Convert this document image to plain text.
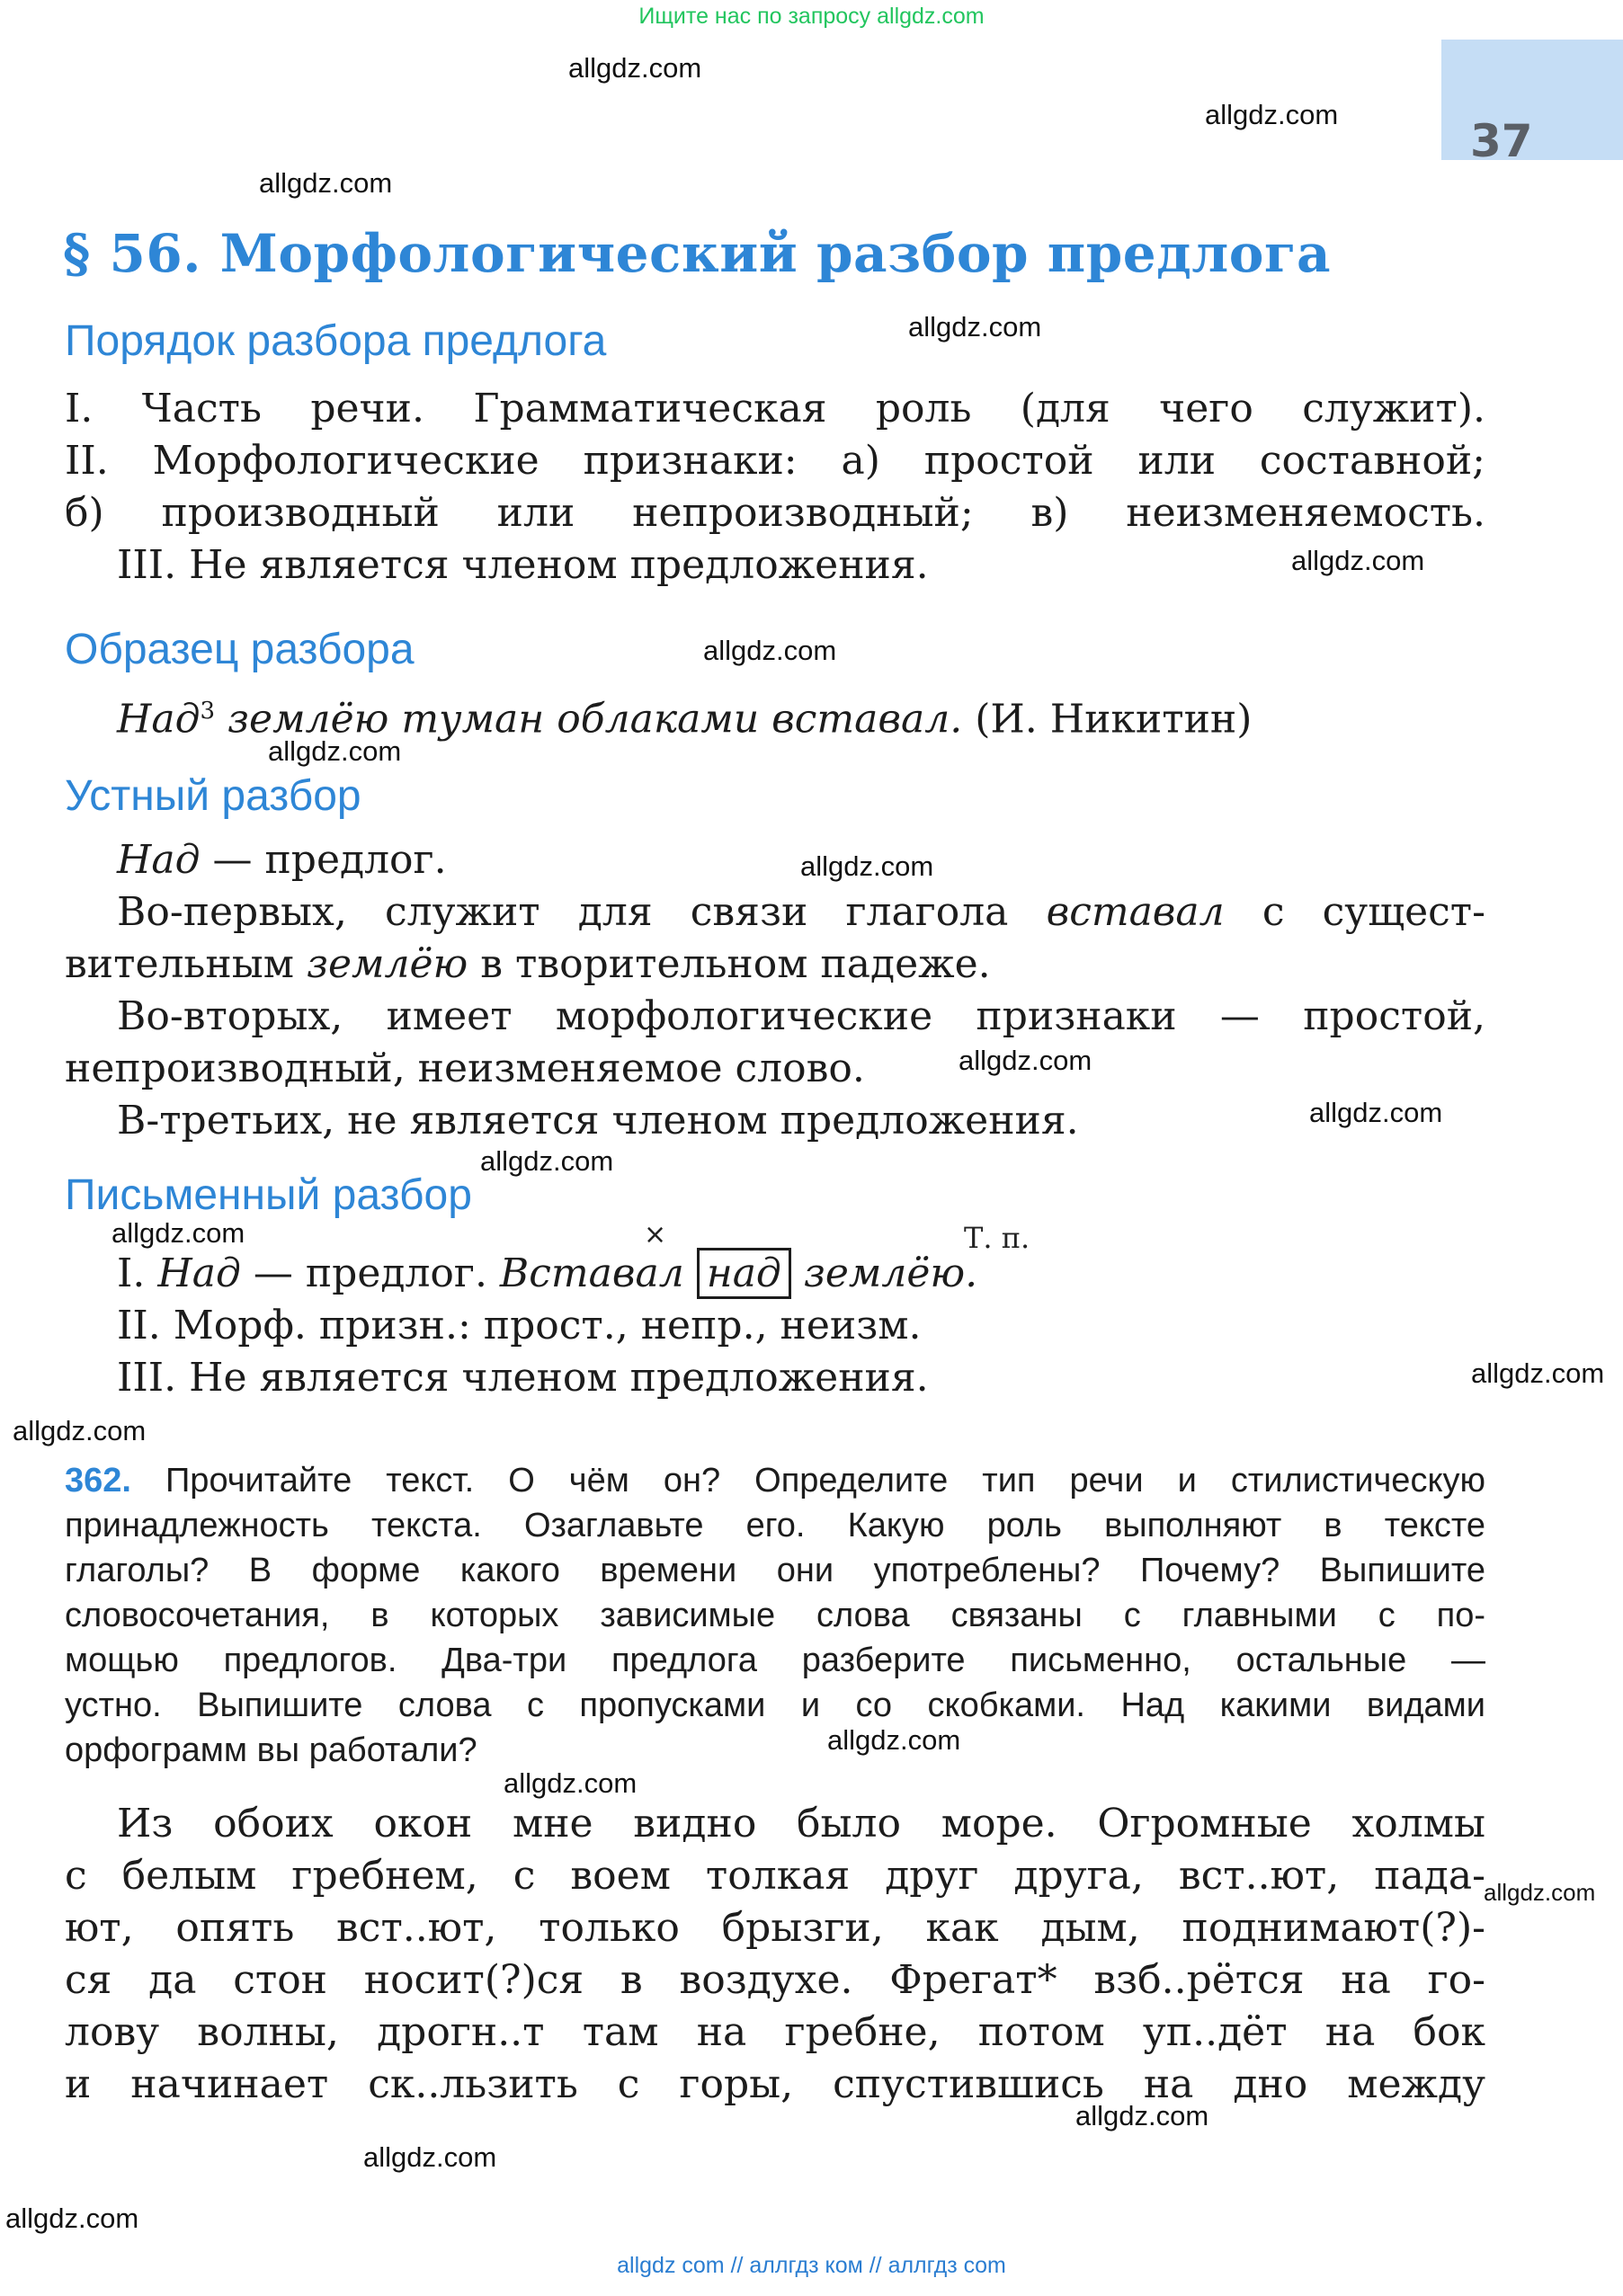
Ищите нас по запросу allgdz.com
37
§ 56. Морфологический разбор предлога
Порядок разбора предлога
I. Часть речи. Грамматическая роль (для чего служит).
II. Морфологические признаки: а) простой или составной;
б) производный или непроизводный; в) неизменяемость.
III. Не является членом предложения.
Образец разбора
Над$^3$ землёю туман облаками вставал. (И. Никитин)
Устный разбор
Над — предлог.
Во-первых, служит для связи глагола вставал с сущест-
вительным землёю в творительном падеже.
Во-вторых, имеет морфологические признаки — простой,
непроизводный, неизменяемое слово.
В-третьих, не является членом предложения.
Письменный разбор
×	Т. п.
I. Над — предлог. Вставал над землёю.
II. Морф. призн.: прост., непр., неизм.
III. Не является членом предложения.
362. Прочитайте текст. О чём он? Определите тип речи и стилистическую
принадлежность текста. Озаглавьте его. Какую роль выполняют в тексте
глаголы? В форме какого времени они употреблены? Почему? Выпишите
словосочетания, в которых зависимые слова связаны с главными с по-
мощью предлогов. Два-три предлога разберите письменно, остальные —
устно. Выпишите слова с пропусками и со скобками. Над какими видами
орфограмм вы работали?
Из обоих окон мне видно было море. Огромные холмы
с белым гребнем, с воем толкая друг друга, вст..ют, пада-
ют, опять вст..ют, только брызги, как дым, поднимают(?)-
ся да стон носит(?)ся в воздухе. Фрегат* взб..рётся на го-
лову волны, дрогн..т там на гребне, потом уп..дёт на бок
и начинает ск..льзить с горы, спустившись на дно между
allgdz.com
allgdz.com
allgdz.com
allgdz.com
allgdz.com
allgdz.com
allgdz.com
allgdz.com
allgdz.com
allgdz.com
allgdz.com
allgdz.com
allgdz.com
allgdz.com
allgdz.com
allgdz.com
allgdz.com
allgdz.com
allgdz.com
allgdz.com
allgdz com // аллгдз ком // аллгдз com
